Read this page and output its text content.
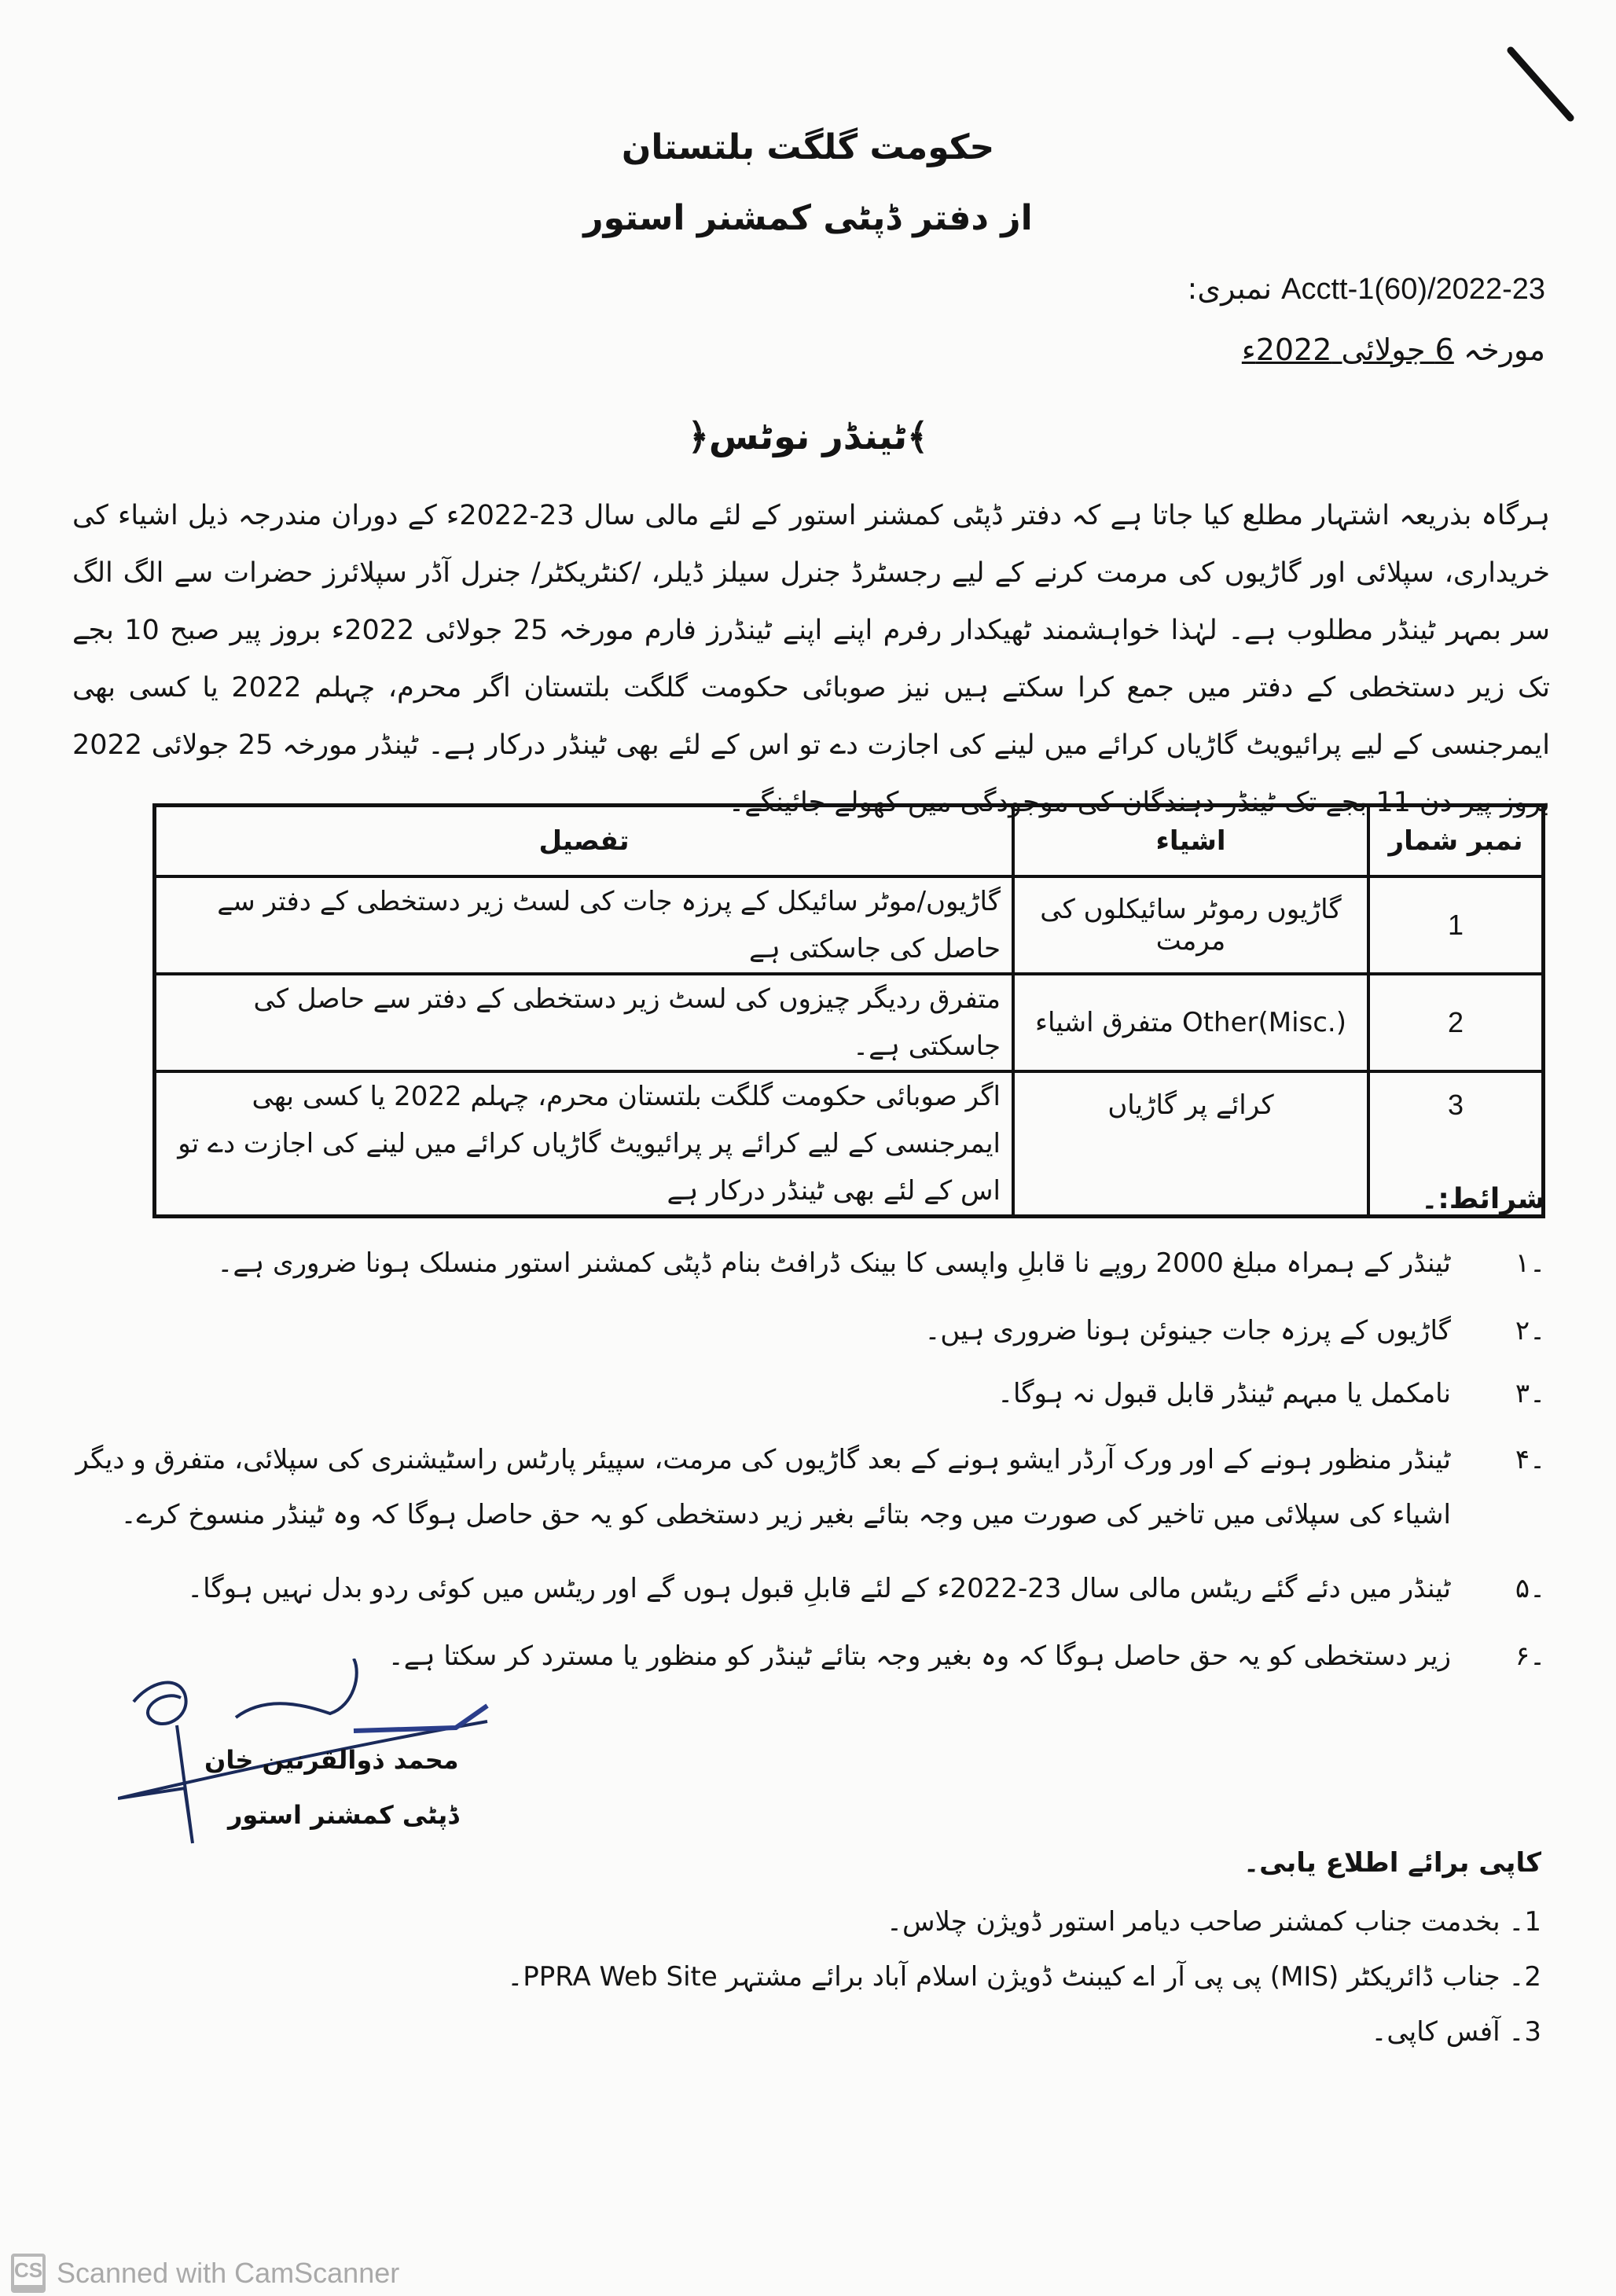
حکومت گلگت بلتستان
از دفتر ڈپٹی کمشنر استور
نمبری: Acctt-1(60)/2022-23
مورخہ 6 جولائی 2022ء
﴾ٹینڈر نوٹس﴿
ہرگاہ بذریعہ اشتہار مطلع کیا جاتا ہے کہ دفتر ڈپٹی کمشنر استور کے لئے مالی سال 23-2022ء کے دوران مندرجہ ذیل اشیاء کی خریداری، سپلائی اور گاڑیوں کی مرمت کرنے کے لیے رجسٹرڈ جنرل سیلز ڈیلر، /کنٹریکٹر/ جنرل آڈر سپلائرز حضرات سے الگ الگ سر بمہر ٹینڈر مطلوب ہے۔ لہٰذا خواہشمند ٹھیکدار رفرم اپنے اپنے ٹینڈرز فارم مورخہ 25 جولائی 2022ء بروز پیر صبح 10 بجے تک زیر دستخطی کے دفتر میں جمع کرا سکتے ہیں نیز صوبائی حکومت گلگت بلتستان اگر محرم، چہلم 2022 یا کسی بھی ایمرجنسی کے لیے پرائیویٹ گاڑیاں کرائے میں لینے کی اجازت دے تو اس کے لئے بھی ٹینڈر درکار ہے۔ ٹینڈر مورخہ 25 جولائی 2022 بروز پیر دن 11 بجے تک ٹینڈر دہندگان کی موجودگی میں کھولے جائینگے۔
نمبر شمار	اشیاء	تفصیل
1	گاڑیوں رموٹر سائیکلوں کی مرمت	گاڑیوں/موٹر سائیکل کے پرزہ جات کی لسٹ زیر دستخطی کے دفتر سے حاصل کی جاسکتی ہے
2	Other(Misc.) متفرق اشیاء	متفرق ردیگر چیزوں کی لسٹ زیر دستخطی کے دفتر سے حاصل کی جاسکتی ہے۔
3	کرائے پر گاڑیاں	اگر صوبائی حکومت گلگت بلتستان محرم، چہلم 2022 یا کسی بھی ایمرجنسی کے لیے کرائے پر پرائیویٹ گاڑیاں کرائے میں لینے کی اجازت دے تو اس کے لئے بھی ٹینڈر درکار ہے	شرائط:۔
۱۔
ٹینڈر کے ہمراہ مبلغ 2000 روپے نا قابلِ واپسی کا بینک ڈرافٹ بنام ڈپٹی کمشنر استور منسلک ہونا ضروری ہے۔
۲۔
گاڑیوں کے پرزہ جات جینوئن ہونا ضروری ہیں۔
۳۔
نامکمل یا مبہم ٹینڈر قابل قبول نہ ہوگا۔
۴۔
ٹینڈر منظور ہونے کے اور ورک آرڈر ایشو ہونے کے بعد گاڑیوں کی مرمت، سپیئر پارٹس راسٹیشنری کی سپلائی، متفرق و دیگر اشیاء کی سپلائی میں تاخیر کی صورت میں وجہ بتائے بغیر زیر دستخطی کو یہ حق حاصل ہوگا کہ وہ ٹینڈر منسوخ کرے۔
۵۔
ٹینڈر میں دئے گئے ریٹس مالی سال 23-2022ء کے لئے قابلِ قبول ہوں گے اور ریٹس میں کوئی ردو بدل نہیں ہوگا۔
۶۔
زیر دستخطی کو یہ حق حاصل ہوگا کہ وہ بغیر وجہ بتائے ٹینڈر کو منظور یا مسترد کر سکتا ہے۔
محمد ذوالقرنین خان
ڈپٹی کمشنر استور
کاپی برائے اطلاع یابی۔
1۔ بخدمت جناب کمشنر صاحب دیامر استور ڈویژن چلاس۔
2۔ جناب ڈائریکٹر (MIS) پی پی آر اے کیبنٹ ڈویژن اسلام آباد برائے مشتہر PPRA Web Site۔
3۔ آفس کاپی۔
CS Scanned with CamScanner
